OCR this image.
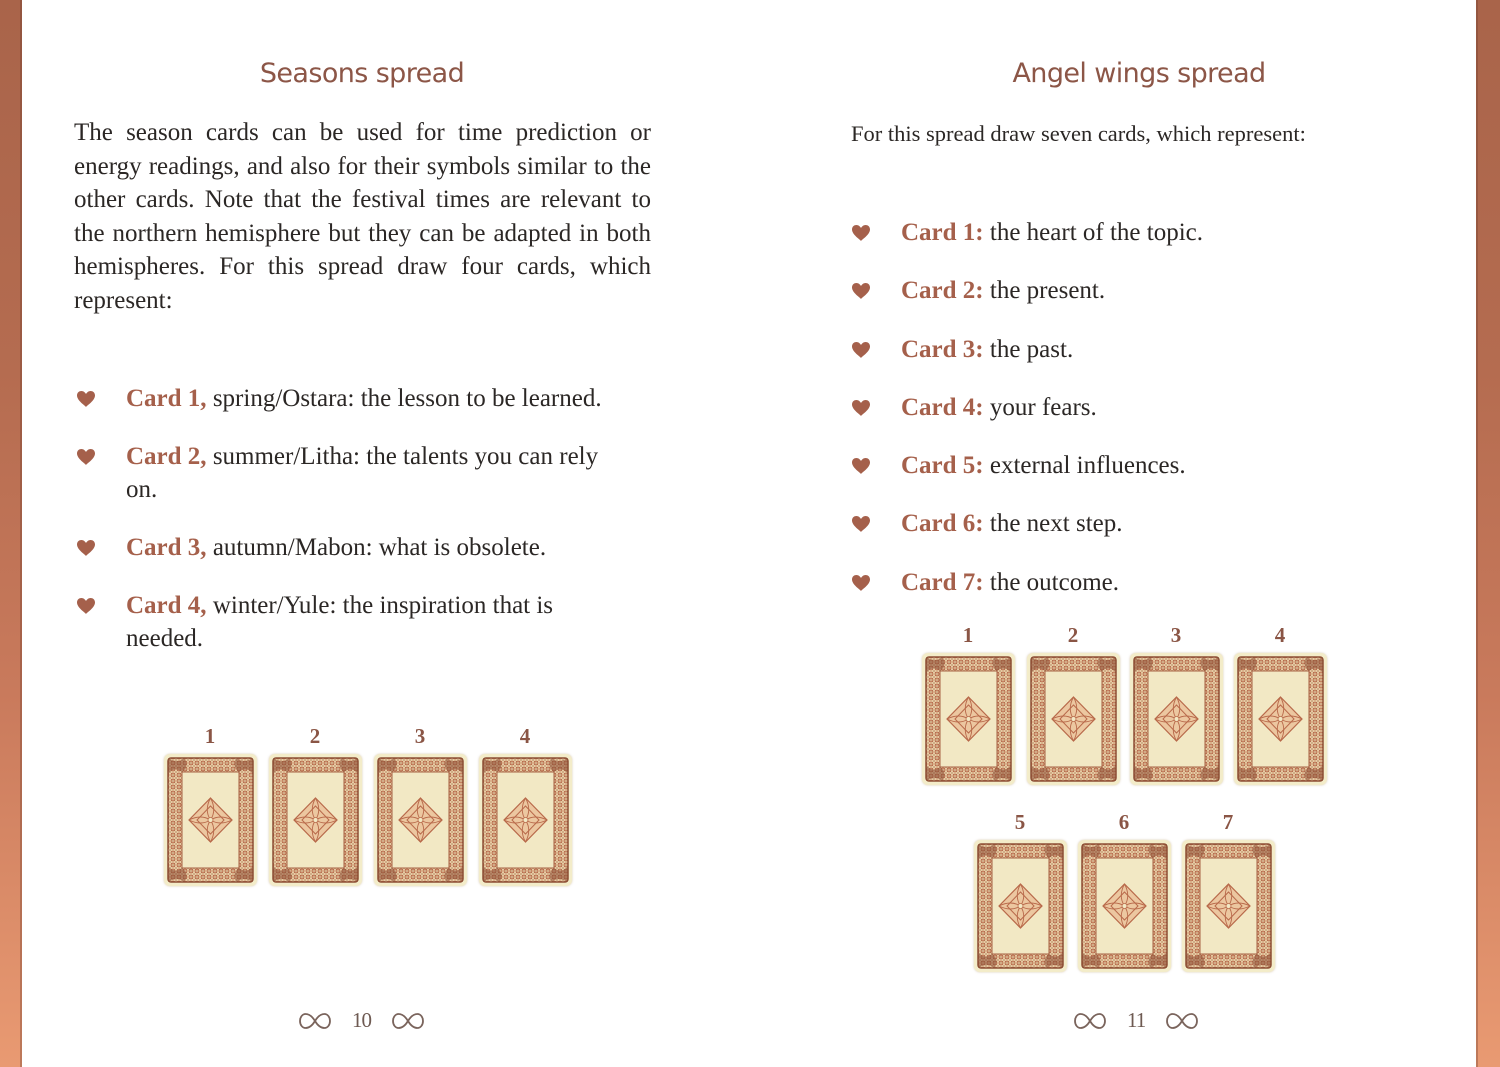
Seasons spread

The season cards can be used for time prediction or energy readings, and also for their symbols similar to the other cards. Note that the festival times are relevant to the northern hemisphere but they can be adapted in both hemispheres. For this spread draw four cards, which represent:

Card 1, spring/Ostara: the lesson to be learned.
Card 2, summer/Litha: the talents you can rely on.
Card 3, autumn/Mabon: what is obsolete.
Card 4, winter/Yule: the inspiration that is needed.
1	2	3	4
10
Angel wings spread

For this spread draw seven cards, which represent:

Card 1: the heart of the topic.
Card 2: the present.
Card 3: the past.
Card 4: your fears.
Card 5: external influences.
Card 6: the next step.
Card 7: the outcome.
1	2	3	4
5	6	7
11
